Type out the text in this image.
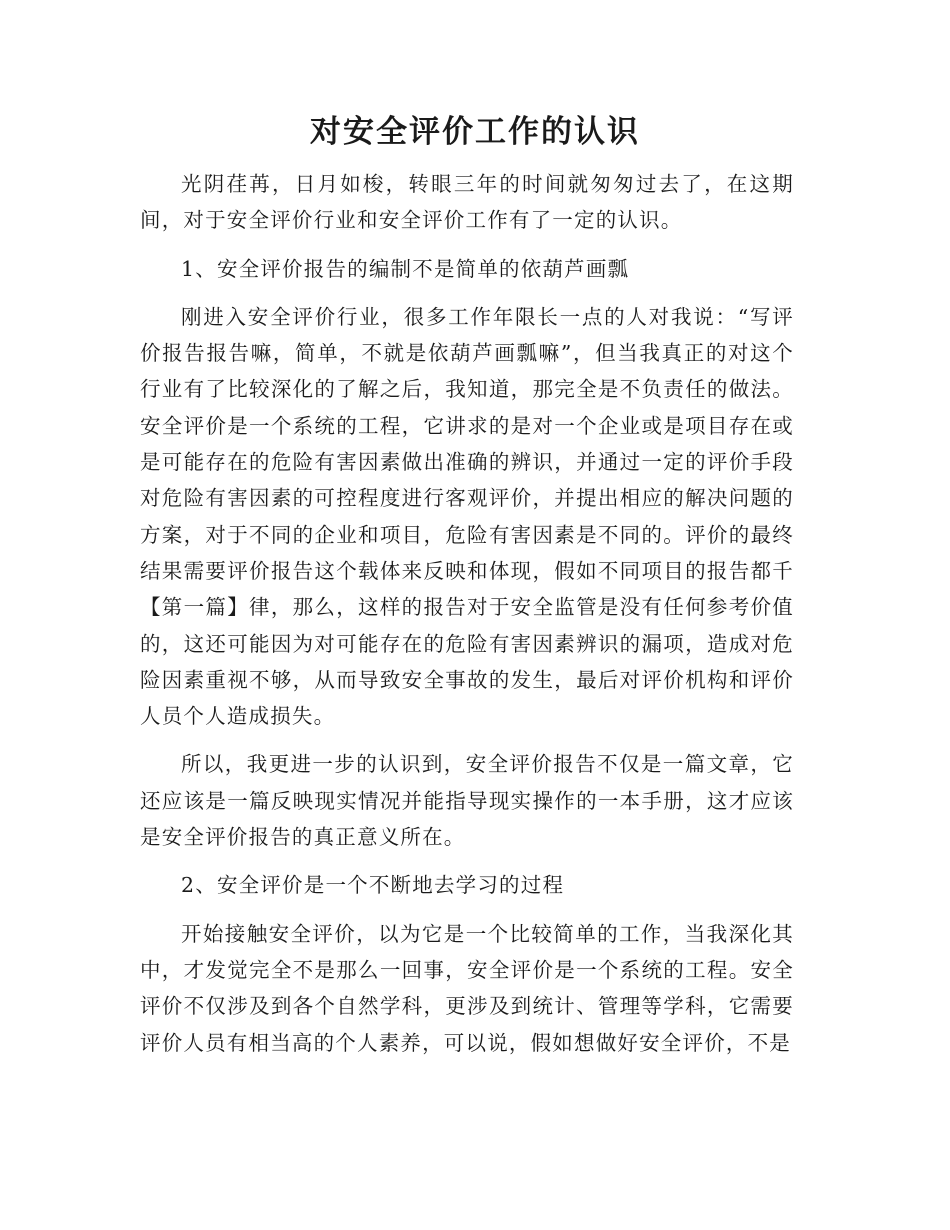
对安全评价工作的认识

光阴荏苒，日月如梭，转眼三年的时间就匆匆过去了，在这期间，对于安全评价行业和安全评价工作有了一定的认识。

1、安全评价报告的编制不是简单的依葫芦画瓢

刚进入安全评价行业，很多工作年限长一点的人对我说：“写评价报告报告嘛，简单，不就是依葫芦画瓢嘛”，但当我真正的对这个行业有了比较深化的了解之后，我知道，那完全是不负责任的做法。安全评价是一个系统的工程，它讲求的是对一个企业或是项目存在或是可能存在的危险有害因素做出准确的辨识，并通过一定的评价手段对危险有害因素的可控程度进行客观评价，并提出相应的解决问题的方案，对于不同的企业和项目，危险有害因素是不同的。评价的最终结果需要评价报告这个载体来反映和体现，假如不同项目的报告都千【第一篇】律，那么，这样的报告对于安全监管是没有任何参考价值的，这还可能因为对可能存在的危险有害因素辨识的漏项，造成对危险因素重视不够，从而导致安全事故的发生，最后对评价机构和评价人员个人造成损失。

所以，我更进一步的认识到，安全评价报告不仅是一篇文章，它还应该是一篇反映现实情况并能指导现实操作的一本手册，这才应该是安全评价报告的真正意义所在。

2、安全评价是一个不断地去学习的过程

开始接触安全评价，以为它是一个比较简单的工作，当我深化其中，才发觉完全不是那么一回事，安全评价是一个系统的工程。安全评价不仅涉及到各个自然学科，更涉及到统计、管理等学科，它需要评价人员有相当高的个人素养，可以说，假如想做好安全评价，不是
